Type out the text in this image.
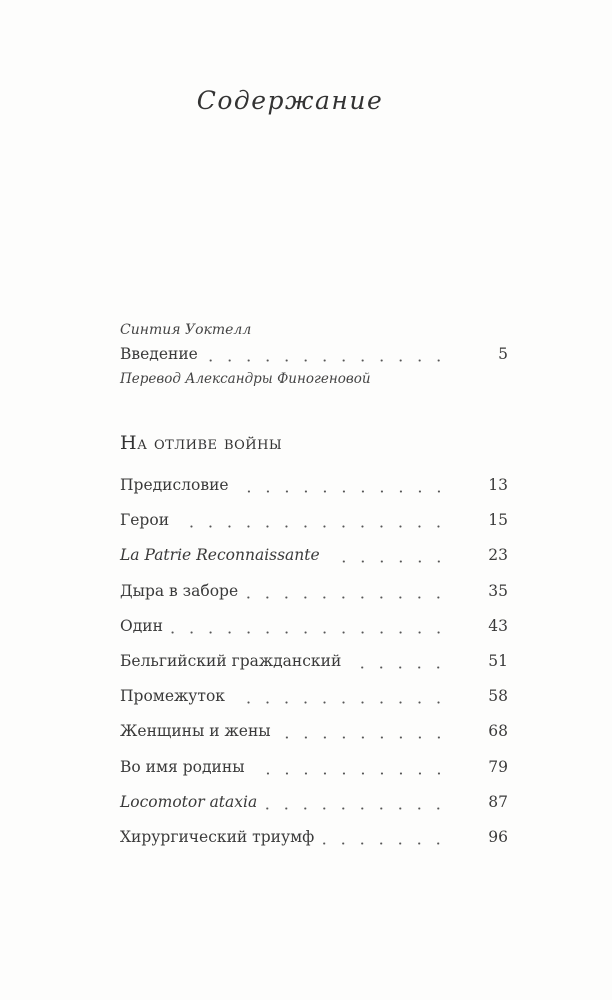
Содержание
Синтия Уоктелл
Введение	5
Перевод Александры Финогеновой
На отливе войны
Предисловие	13
Герои	15
La Patrie Reconnaissante	23
Дыра в заборе	35
Один	43
Бельгийский гражданский	51
Промежуток	58
Женщины и жены	68
Во имя родины	79
Locomotor ataxia	87
Хирургический триумф	96
